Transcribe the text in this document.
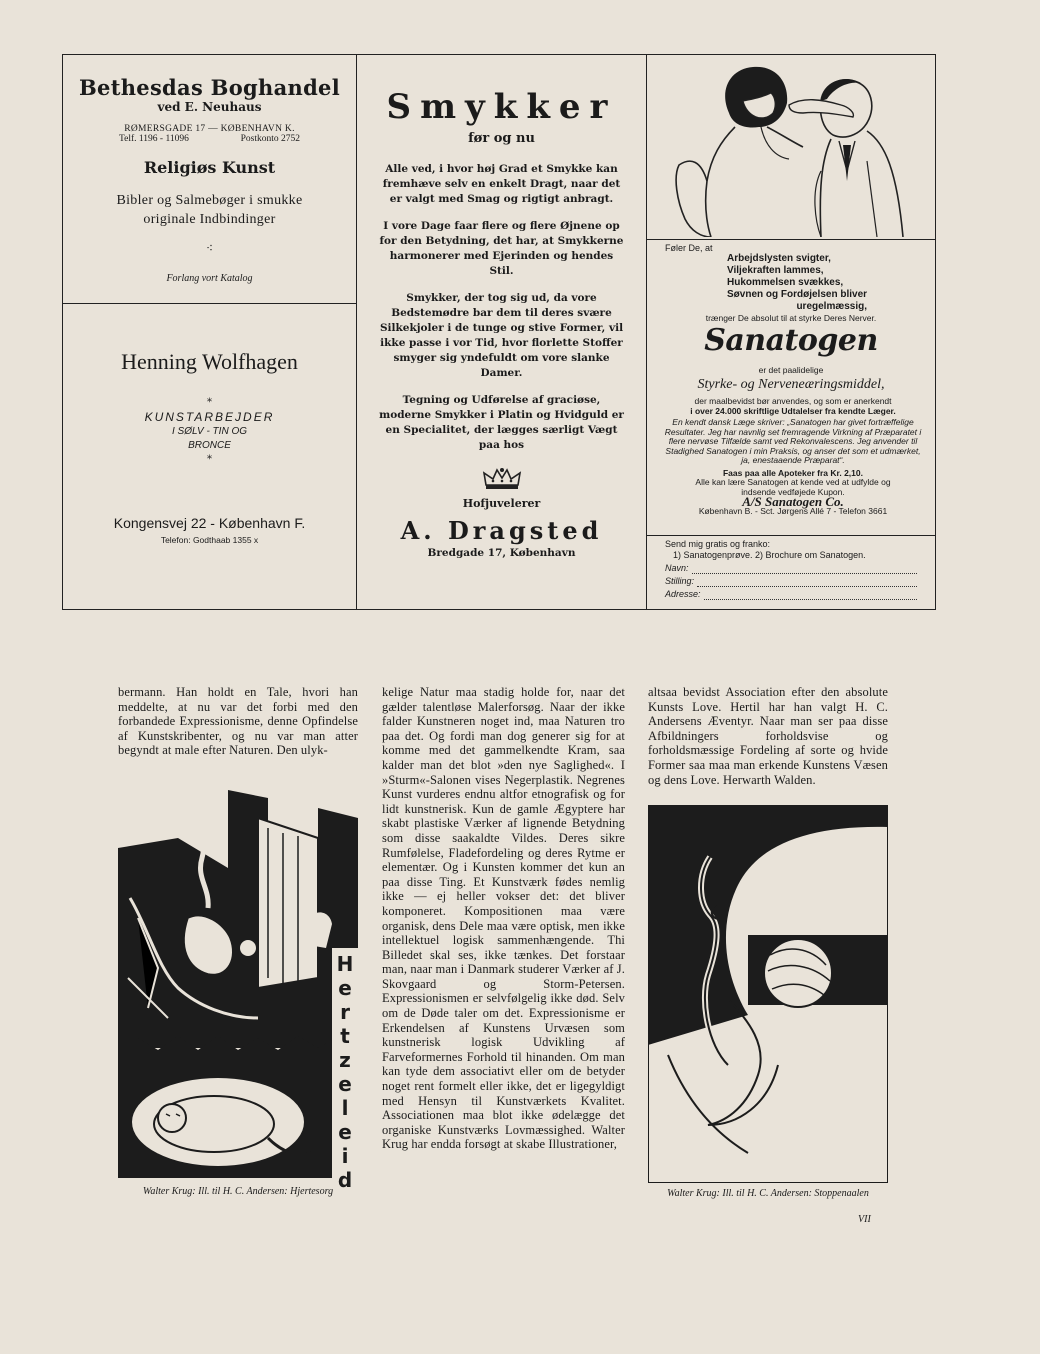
Bethesdas Boghandel
ved E. Neuhaus
RØMERSGADE 17 — KØBENHAVN K.
Telf. 1196 - 11096	Postkonto 2752
Religiøs Kunst
Bibler og Salmebøger i smukke
originale Indbindinger
⁖
Forlang vort Katalog
Henning Wolfhagen
*
KUNSTARBEJDER
I SØLV - TIN OG
BRONCE
*
Kongensvej 22 - København F.
Telefon: Godthaab 1355 x
Smykker
før og nu
Alle ved, i hvor høj Grad et Smykke kan fremhæve selv en enkelt Dragt, naar det er valgt med Smag og rigtigt anbragt.
I vore Dage faar flere og flere Øjnene op for den Betydning, det har, at Smykkerne harmonerer med Ejerinden og hendes Stil.
Smykker, der tog sig ud, da vore Bedstemødre bar dem til deres svære Silkekjoler i de tunge og stive Former, vil ikke passe i vor Tid, hvor florlette Stoffer smyger sig yndefuldt om vore slanke Damer.
Tegning og Udførelse af graciøse, moderne Smykker i Platin og Hvidguld er en Specialitet, der lægges særligt Vægt paa hos
Hofjuvelerer
A. Dragsted
Bredgade 17, København
Føler De, at
Arbejdslysten svigter,
Viljekraften lammes,
Hukommelsen svækkes,
Søvnen og Fordøjelsen bliver
uregelmæssig,
trænger De absolut til at styrke Deres Nerver.
Sanatogen
er det paalidelige
Styrke- og Nerveneæringsmiddel,
der maalbevidst bør anvendes, og som er anerkendt
i over 24.000 skriftlige Udtalelser fra kendte Læger.
En kendt dansk Læge skriver: „Sanatogen har givet fortræffelige Resultater. Jeg har navnlig set fremragende Virkning af Præparatet i flere nervøse Tilfælde samt ved Rekonvalescens. Jeg anvender til Stadighed Sanatogen i min Praksis, og anser det som et udmærket, ja, enestaaende Præparat“.
Faas paa alle Apoteker fra Kr. 2,10.
Alle kan lære Sanatogen at kende ved at udfylde og
indsende vedføjede Kupon.
A/S Sanatogen Co.
København B. - Sct. Jørgens Allé 7 - Telefon 3661
Send mig gratis og franko:
1) Sanatogenprøve. 2) Brochure om Sanatogen.
Navn:
Stilling:
Adresse:

bermann. Han holdt en Tale, hvori han meddelte, at nu var det forbi med den forbandede Expressionisme, denne Opfindelse af Kunstskribenter, og nu var man atter begyndt at male efter Naturen. Den ulyk-

kelige Natur maa stadig holde for, naar det gælder talentløse Malerforsøg. Naar der ikke falder Kunstneren noget ind, maa Naturen tro paa det. Og fordi man dog generer sig for at komme med det gammelkendte Kram, saa kalder man det blot »den nye Saglighed«. I »Sturm«-Salonen vises Negerplastik. Negrenes Kunst vurderes endnu altfor etnografisk og for lidt kunstnerisk. Kun de gamle Ægyptere har skabt plastiske Værker af lignende Betydning som disse saakaldte Vildes. Deres sikre Rumfølelse, Fladefordeling og deres Rytme er elementær. Og i Kunsten kommer det kun an paa disse Ting. Et Kunstværk fødes nemlig ikke — ej heller vokser det: det bliver komponeret. Kompositionen maa være organisk, dens Dele maa være optisk, men ikke intellektuel logisk sammenhængende. Thi Billedet skal ses, ikke tænkes. Det forstaar man, naar man i Danmark studerer Værker af J. Skovgaard og Storm-Petersen. Expressionismen er selvfølgelig ikke død. Selv om de Døde taler om det. Expressionisme er Erkendelsen af Kunstens Urvæsen som kunstnerisk logisk Udvikling af Farveformernes Forhold til hinanden. Om man kan tyde dem associativt eller om de betyder noget rent formelt eller ikke, det er ligegyldigt med Hensyn til Kunstværkets Kvalitet. Associationen maa blot ikke ødelægge det organiske Kunstværks Lovmæssighed. Walter Krug har endda forsøgt at skabe Illustrationer,

altsaa bevidst Association efter den absolute Kunsts Love. Hertil har han valgt H. C. Andersens Æventyr. Naar man ser paa disse Afbildningers forholdsvise og forholdsmæssige Fordeling af sorte og hvide Former saa maa man erkende Kunstens Væsen og dens Love. Herwarth Walden.

Hertzeleid
Walter Krug: Ill. til H. C. Andersen: Hjertesorg	Walter Krug: Ill. til H. C. Andersen: Stoppenaalen
VII
